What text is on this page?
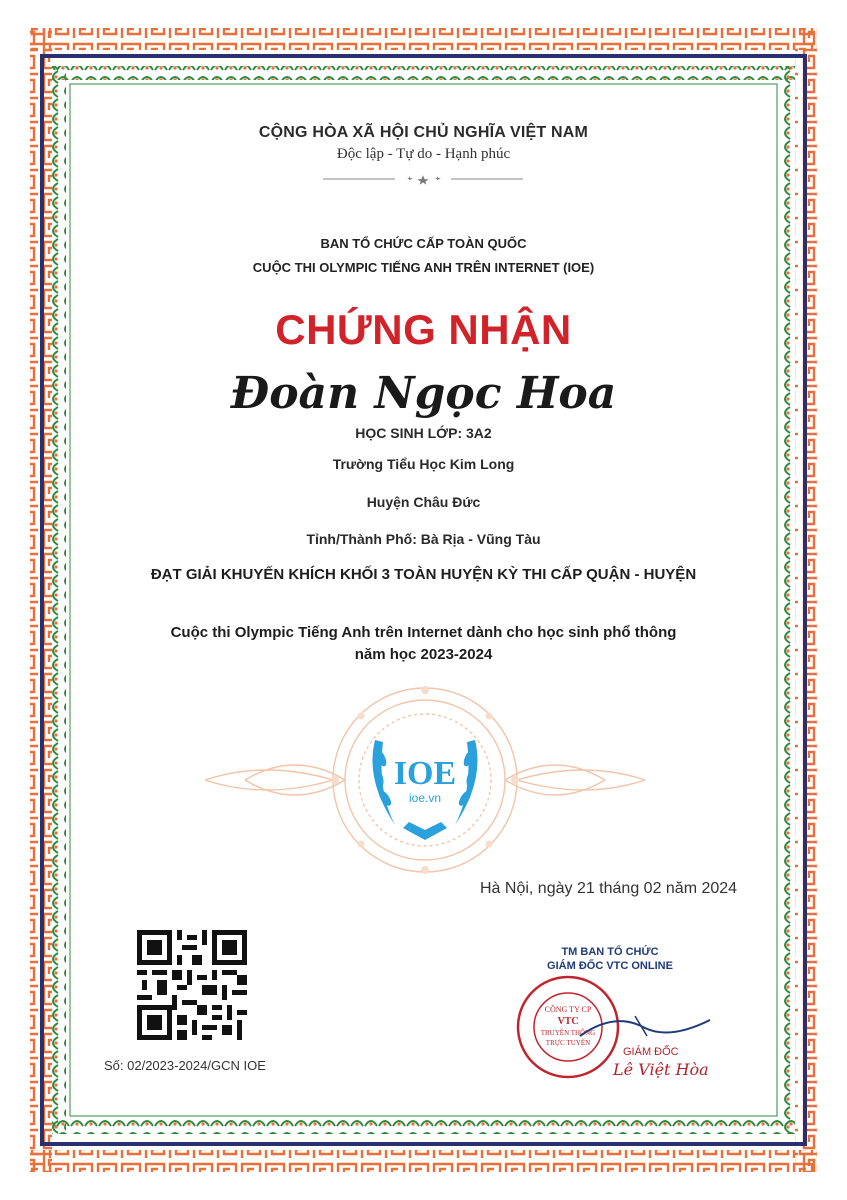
CỘNG HÒA XÃ HỘI CHỦ NGHĨA VIỆT NAM
Độc lập - Tự do - Hạnh phúc
BAN TỔ CHỨC CẤP TOÀN QUỐC
CUỘC THI OLYMPIC TIẾNG ANH TRÊN INTERNET (IOE)
CHỨNG NHẬN
Đoàn Ngọc Hoa
HỌC SINH LỚP: 3A2
Trường Tiểu Học Kim Long
Huyện Châu Đức
Tỉnh/Thành Phố: Bà Rịa - Vũng Tàu
ĐẠT GIẢI KHUYẾN KHÍCH KHỐI 3 TOÀN HUYỆN KỲ THI CẤP QUẬN - HUYỆN
Cuộc thi Olympic Tiếng Anh trên Internet dành cho học sinh phổ thông
năm học 2023-2024
IOE
ioe.vn
Hà Nội, ngày 21 tháng 02 năm 2024
Số: 02/2023-2024/GCN IOE
TM BAN TỔ CHỨC
GIÁM ĐỐC VTC ONLINE
CÔNG TY CP
VTC
TRUYỀN THÔNG
TRỰC TUYẾN
GIÁM ĐỐC
Lê Việt Hòa
